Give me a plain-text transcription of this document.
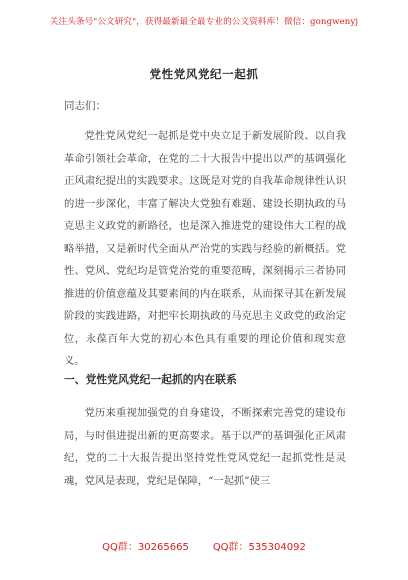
关注头条号"公文研究"，获得最新最全最专业的公文资料库！微信：gongwenyj
党性党风党纪一起抓
同志们：

党性党风党纪一起抓是党中央立足于新发展阶段、以自我革命引领社会革命，在党的二十大报告中提出以严的基调强化正风肃纪提出的实践要求。这既是对党的自我革命规律性认识的进一步深化，丰富了解决大党独有难题、建设长期执政的马克思主义政党的新路径，也是深入推进党的建设伟大工程的战略举措，又是新时代全面从严治党的实践与经验的新概括。党性、党风、党纪均是管党治党的重要范畴，深刻揭示三者协同推进的价值意蕴及其要素间的内在联系，从而探寻其在新发展阶段的实践进路，对把牢长期执政的马克思主义政党的政治定位，永葆百年大党的初心本色具有重要的理论价值和现实意义。

一、党性党风党纪一起抓的内在联系

党历来重视加强党的自身建设，不断探索完善党的建设布局，与时俱进提出新的更高要求。基于以严的基调强化正风肃纪，党的二十大报告提出坚持党性党风党纪一起抓党性是灵魂，党风是表现，党纪是保障，“一起抓”使三

QQ群：30265665 QQ群：535304092
